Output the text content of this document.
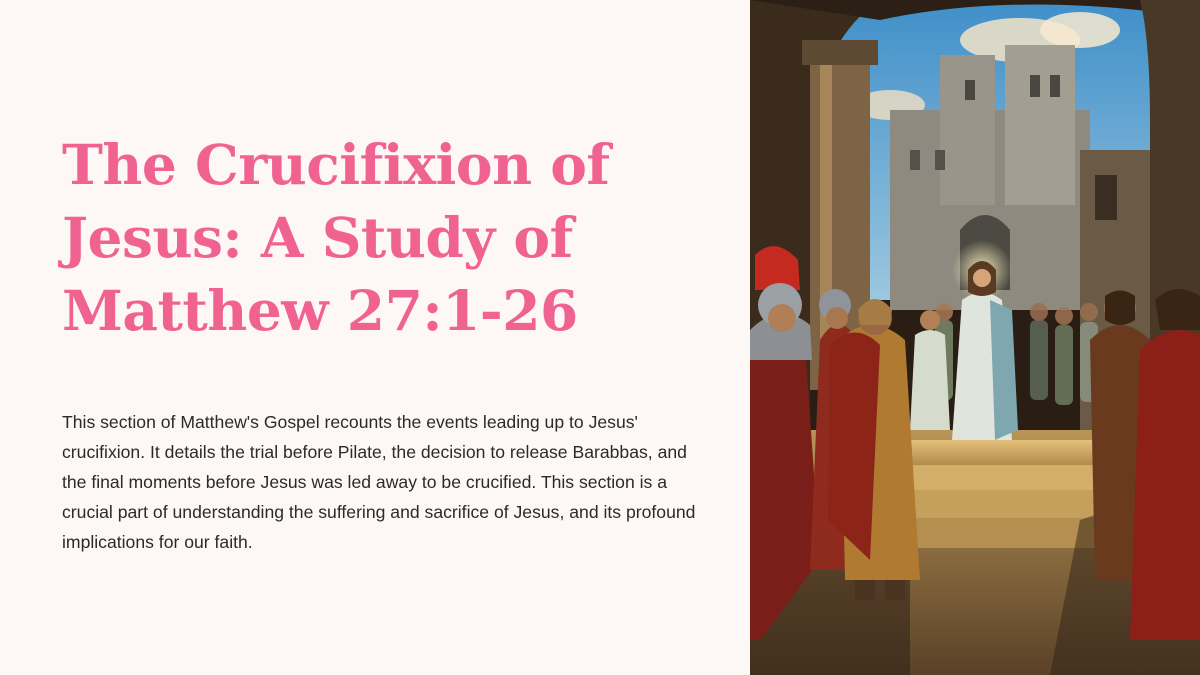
The Crucifixion of Jesus: A Study of Matthew 27:1-26

This section of Matthew's Gospel recounts the events leading up to Jesus' crucifixion. It details the trial before Pilate, the decision to release Barabbas, and the final moments before Jesus was led away to be crucified. This section is a crucial part of understanding the suffering and sacrifice of Jesus, and its profound implications for our faith.
